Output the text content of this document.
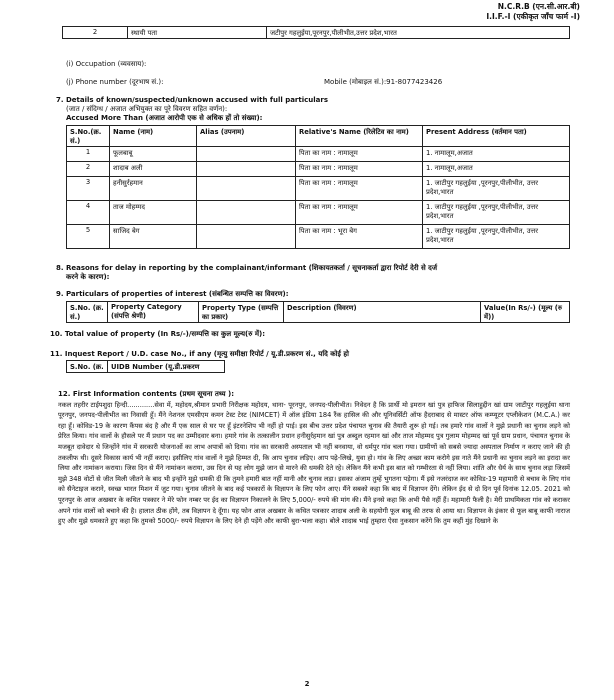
N.C.R.B (एन.सी.आर.बी)
I.I.F.-I (एकीकृत जाँच फार्म -I)
2	स्थायी पता	जटीपुर गहलुईया,पूरनपुर,पीलीभीत,उत्तर प्रदेश,भारत
(i) Occupation (व्यवसाय):
(j) Phone number (दूरभाष सं.):	Mobile (मोबाइल सं.):91-8077423426
7. Details of known/suspected/unknown accused with full particulars
(जात / संदिग्ध / अजात अभियुक्त का पूरे विवरण सहित वर्णन):
Accused More Than (अजात आरोपी एक से अधिक हों तो संख्या):
S.No.(क्र. सं.)	Name (नाम)	Alias (उपनाम)	Relative's Name (रिलेटिव का नाम)	Present Address (वर्तमान पता)
1	फूलबाबू		पिता का नाम : नामालूम	1. नामालूम,अजात
2	शादाब अली		पिता का नाम : नामालूम	1. नामालूम,अजात
3	हनीसुर्रहमान		पिता का नाम : नामालूम	1. जाटीपुर गहलुईया ,पूरनपुर,पीलीभीत, उत्तर प्रदेश,भारत
4	ताज मोहम्मद		पिता का नाम : नामालूम	1. जाटीपुर गहलुईया ,पूरनपुर,पीलीभीत, उत्तर प्रदेश,भारत
5	साजिद बेग		पिता का नाम : भूरा बेग	1. जाटीपुर गहलुईया ,पूरनपुर,पीलीभीत, उत्तर प्रदेश,भारत
8. Reasons for delay in reporting by the complainant/informant (शिकायतकर्ता / सूचनाकर्ता द्वारा रिपोर्ट देरी से दर्ज
करने के कारण):
9. Particulars of properties of interest (संबन्धित सम्पत्ति का विवरण):
S.No. (क्र. सं.)	Property Category (संपत्ति श्रेणी)	Property Type (सम्पत्ति का प्रकार)	Description (विवरण)	Value(In Rs/-) (मूल्य (रु में))
10. Total value of property (In Rs/-)/सम्पत्ति का कुल मूल्य(रु में):
11. Inquest Report / U.D. case No., if any (मृत्यु समीक्षा रिपोर्ट / यू.डी.प्रकरण सं., यदि कोई हो
S.No. (क्र.	UIDB Number (यू.डी.प्रकरण
12. First Information contents (प्रथम सूचना तथ्य ):
नकल तहरीर टाईपशुदा हिन्दी.............सेवा में, महोदय,श्रीमान प्रभारी निरीक्षक महोदय, थाना- पूरनपुर, जनपद-पीलीभीत। निवेदन है कि प्रार्थी मो इमरान खां पुत्र हाफिज सिलाहुद्दीन खां ग्राम जाटीपुर गहलुईया थाना पूरनपुर, जनपद-पीलीभीत का निवासी हूँ। मैंने नेशनल एमसीएम कमन टेस्ट टेस्ट (NIMCET) में ऑल इंडिया 184 रैंक हासिल की और यूनिवर्सिटी ऑफ हैदराबाद से मास्टर ऑफ कम्प्यूटर एप्लीकेशन (M.C.A.) कर रहा हूँ। कोविड-19 के कारण कैंपस बंद है और मैं एक साल से घर पर हूँ इंटरनेशिप भी नहीं हो पाई। इस बीच उत्तर प्रदेश पंचायत चुनाव की तैयारी शुरू हो गई। तब हमारे गांव वालों ने मुझे प्रधानी का चुनाव लड़ने को प्रेरित किया। गांव वालों के हौसले पर मैं प्रधान पद का उम्मीदवार बना। हमारे गांव के तत्कालीन प्रधान हनीसुर्रहमान खां पुत्र अब्दुल रहमान खां और ताज मोहम्मद पुत्र गुलाम मोहम्मद खां पूर्व ग्राम प्रधान, पंचायत चुनाव के मजबूत दावेदार थे जिन्होंने गांव में सरकारी योजनाओं का लाभ अपात्रों को दिया। गांव का सरकारी अस्पताल भी नहीं बनवाया, वो धर्मपुर गांव चला गया। ग्रामीणों को सबसे ज्यादा अस्पताल निर्माण न कराए जाने की ही तकलीफ थी। दूसरे विकास कार्य भी नहीं कराए। इसीलिए गांव वालों ने मुझे हिम्मत दी, कि आप चुनाव लड़िए। आप पढ़े-लिखे, युवा हो। गांव के लिए अच्छा काम करोगे इस नाते मैंने प्रधानी का चुनाव लड़ने का इरादा कर लिया और नामांकन कराया। जिस दिन से मैंने नामांकन कराया, उस दिन से यह लोग मुझे जान से मारने की धमकी देते रहे। लेकिन मैंने कभी इस बात को गम्भीरता से नहीं लिया। शांति और धैर्य के साथ चुनाव लड़ा जिसमें मुझे 348 वोटों से जीत मिली जीतने के बाद भी इन्होंने मुझे धमकी दी कि तुमने हमारी बात नहीं मानी और चुनाव लड़ा। इसका अंजाम तुम्हें भुगतना पड़ेगा। मैं इसे नजरंदाज कर कोविड-19 महामारी से बचाव के लिए गांव को सैनेटाइज कराने, स्वच्छ भारत मिशन में जुट गया। चुनाव जीतने के बाद कई पत्रकारों के विज्ञापन के लिए फोन आए। मैंने सबको कहा कि बाद में विज्ञापन देंगे। लेकिन ईद से दो दिन पूर्व दिनांक 12.05. 2021 को पूरनपुर के आज अखबार के कथित पत्रकार ने मेरे फोन नम्बर पर ईद का विज्ञापन निकालने के लिए 5,000/- रुपये की मांग की। मैंने इनसे कहा कि अभी पैसे नहीं हैं। महामारी फैली है। मेरी प्राथमिकता गांव को कराकर अपने गांव वालों को बचाने की है। हालात ठीक होंगे, तब विज्ञापन दे दूँगा। यह फोन आज अखबार के कथित पत्रकार शादाब अली के सहयोगी फूल बाबू की तरफ से आया था। विज्ञापन के इंकार से फूल बाबू काफी नाराज हुए और मुझे धमकाते हुए कहा कि तुमको 5000/- रुपये विज्ञापन के लिए देने ही पड़ेंगे और काफी बुरा-भला कहा। बोले शादाब भाई तुम्हारा ऐसा नुकसान करेंगे कि तुम कहीं मुंह दिखाने के
2
